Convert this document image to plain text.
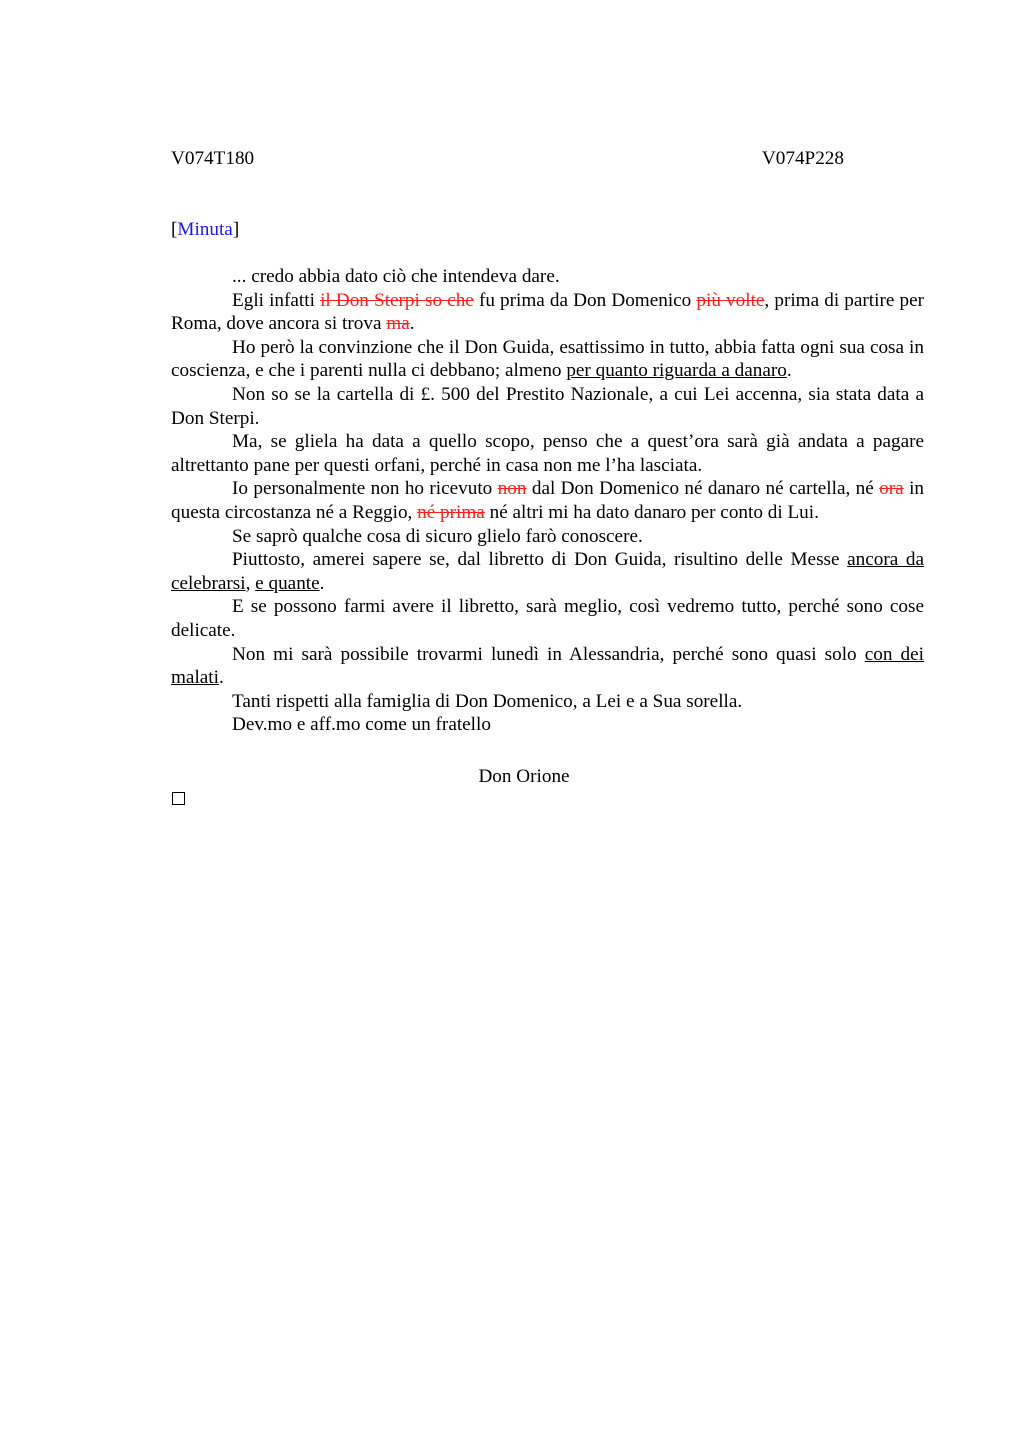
V074T180	V074P228
[Minuta]

... credo abbia dato ciò che intendeva dare.

Egli infatti il Don Sterpi so che fu prima da Don Domenico più volte, prima di partire per Roma, dove ancora si trova ma.

Ho però la convinzione che il Don Guida, esattissimo in tutto, abbia fatta ogni sua cosa in coscienza, e che i parenti nulla ci debbano; almeno per quanto riguarda a danaro.

Non so se la cartella di £. 500 del Prestito Nazionale, a cui Lei accenna, sia stata data a Don Sterpi.

Ma, se gliela ha data a quello scopo, penso che a quest’ora sarà già andata a pagare altrettanto pane per questi orfani, perché in casa non me l’ha lasciata.

Io personalmente non ho ricevuto non dal Don Domenico né danaro né cartella, né ora in questa circostanza né a Reggio, né prima né altri mi ha dato danaro per conto di Lui.

Se saprò qualche cosa di sicuro glielo farò conoscere.

Piuttosto, amerei sapere se, dal libretto di Don Guida, risultino delle Messe ancora da celebrarsi, e quante.

E se possono farmi avere il libretto, sarà meglio, così vedremo tutto, perché sono cose delicate.

Non mi sarà possibile trovarmi lunedì in Alessandria, perché sono quasi solo con dei malati.

Tanti rispetti alla famiglia di Don Domenico, a Lei e a Sua sorella.

Dev.mo e aff.mo come un fratello

Don Orione
